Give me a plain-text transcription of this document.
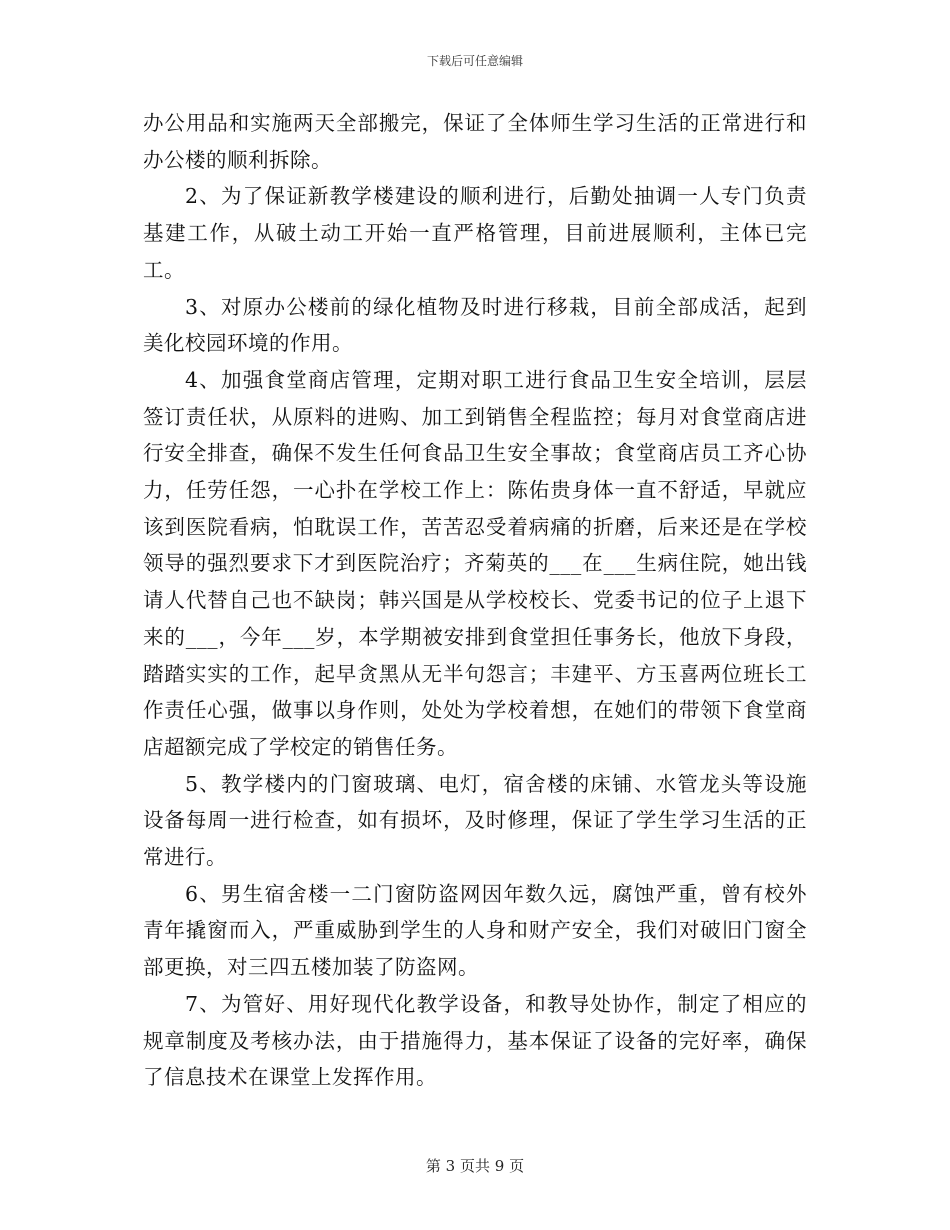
下载后可任意编辑

办公用品和实施两天全部搬完，保证了全体师生学习生活的正常进行和办公楼的顺利拆除。

2、为了保证新教学楼建设的顺利进行，后勤处抽调一人专门负责基建工作，从破土动工开始一直严格管理，目前进展顺利，主体已完工。

3、对原办公楼前的绿化植物及时进行移栽，目前全部成活，起到美化校园环境的作用。

4、加强食堂商店管理，定期对职工进行食品卫生安全培训，层层签订责任状，从原料的进购、加工到销售全程监控；每月对食堂商店进行安全排查，确保不发生任何食品卫生安全事故；食堂商店员工齐心协力，任劳任怨，一心扑在学校工作上：陈佑贵身体一直不舒适，早就应该到医院看病，怕耽误工作，苦苦忍受着病痛的折磨，后来还是在学校领导的强烈要求下才到医院治疗；齐菊英的___在___生病住院，她出钱请人代替自己也不缺岗；韩兴国是从学校校长、党委书记的位子上退下来的___，今年___岁，本学期被安排到食堂担任事务长，他放下身段，踏踏实实的工作，起早贪黑从无半句怨言；丰建平、方玉喜两位班长工作责任心强，做事以身作则，处处为学校着想，在她们的带领下食堂商店超额完成了学校定的销售任务。

5、教学楼内的门窗玻璃、电灯，宿舍楼的床铺、水管龙头等设施设备每周一进行检查，如有损坏，及时修理，保证了学生学习生活的正常进行。

6、男生宿舍楼一二门窗防盗网因年数久远，腐蚀严重，曾有校外青年撬窗而入，严重威胁到学生的人身和财产安全，我们对破旧门窗全部更换，对三四五楼加装了防盗网。

7、为管好、用好现代化教学设备，和教导处协作，制定了相应的规章制度及考核办法，由于措施得力，基本保证了设备的完好率，确保了信息技术在课堂上发挥作用。

第 3 页共 9 页
